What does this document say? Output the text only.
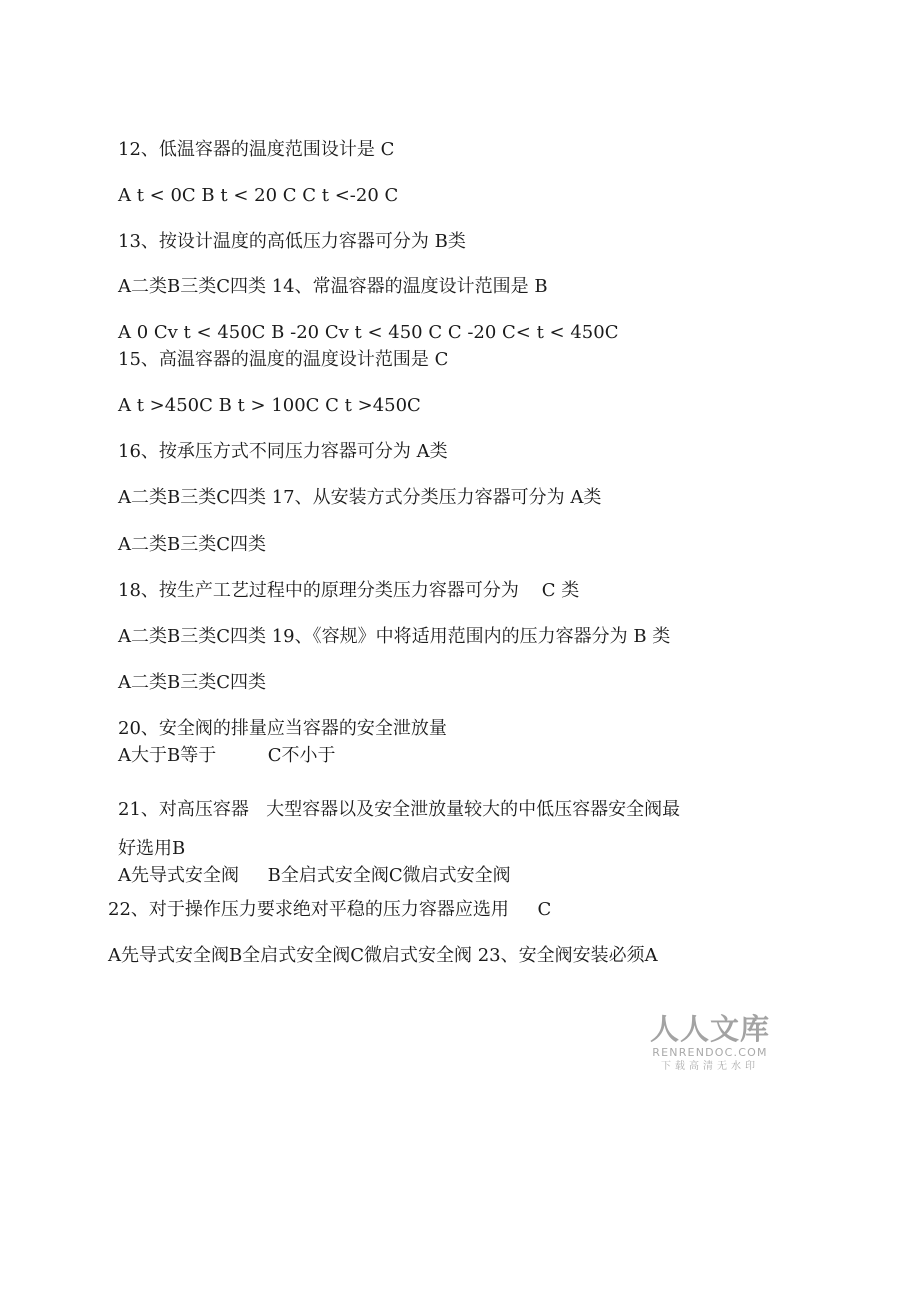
12、低温容器的温度范围设计是 C
A t < 0C B t < 20 C C t <-20 C
13、按设计温度的高低压力容器可分为 B类
A二类B三类C四类 14、常温容器的温度设计范围是 B
A 0 Cv t < 450C B -20 Cv t < 450 C C -20 C< t < 450C
15、高温容器的温度的温度设计范围是 C
A t >450C B t > 100C C t >450C
16、按承压方式不同压力容器可分为 A类
A二类B三类C四类 17、从安装方式分类压力容器可分为 A类
A二类B三类C四类
18、按生产工艺过程中的原理分类压力容器可分为    C 类
A二类B三类C四类 19、《容规》中将适用范围内的压力容器分为 B 类
A二类B三类C四类
20、安全阀的排量应当容器的安全泄放量
A大于B等于         C不小于
21、对高压容器   大型容器以及安全泄放量较大的中低压容器安全阀最
好选用B
A先导式安全阀     B全启式安全阀C微启式安全阀
22、对于操作压力要求绝对平稳的压力容器应选用     C
A先导式安全阀B全启式安全阀C微启式安全阀 23、安全阀安装必须A
人人文库
RENRENDOC.COM
下载高清无水印
